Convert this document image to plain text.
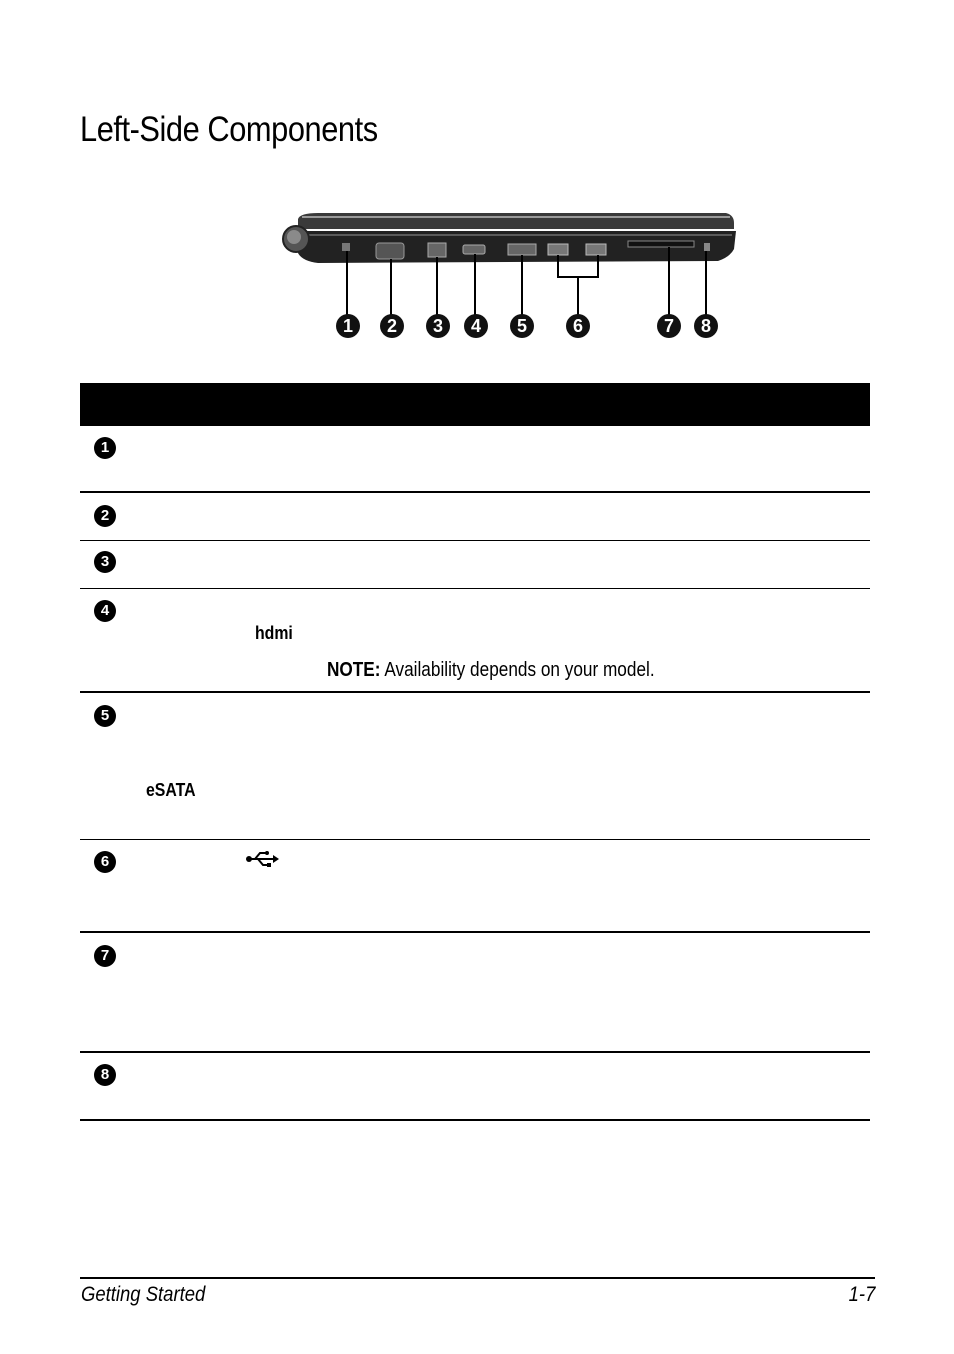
Left-Side Components
1	2	3	4	5	6	7	8
1
2
3
4
hdmi
NOTE: Availability depends on your model.
5
eSATA
6
7
8
Getting Started	1-7
